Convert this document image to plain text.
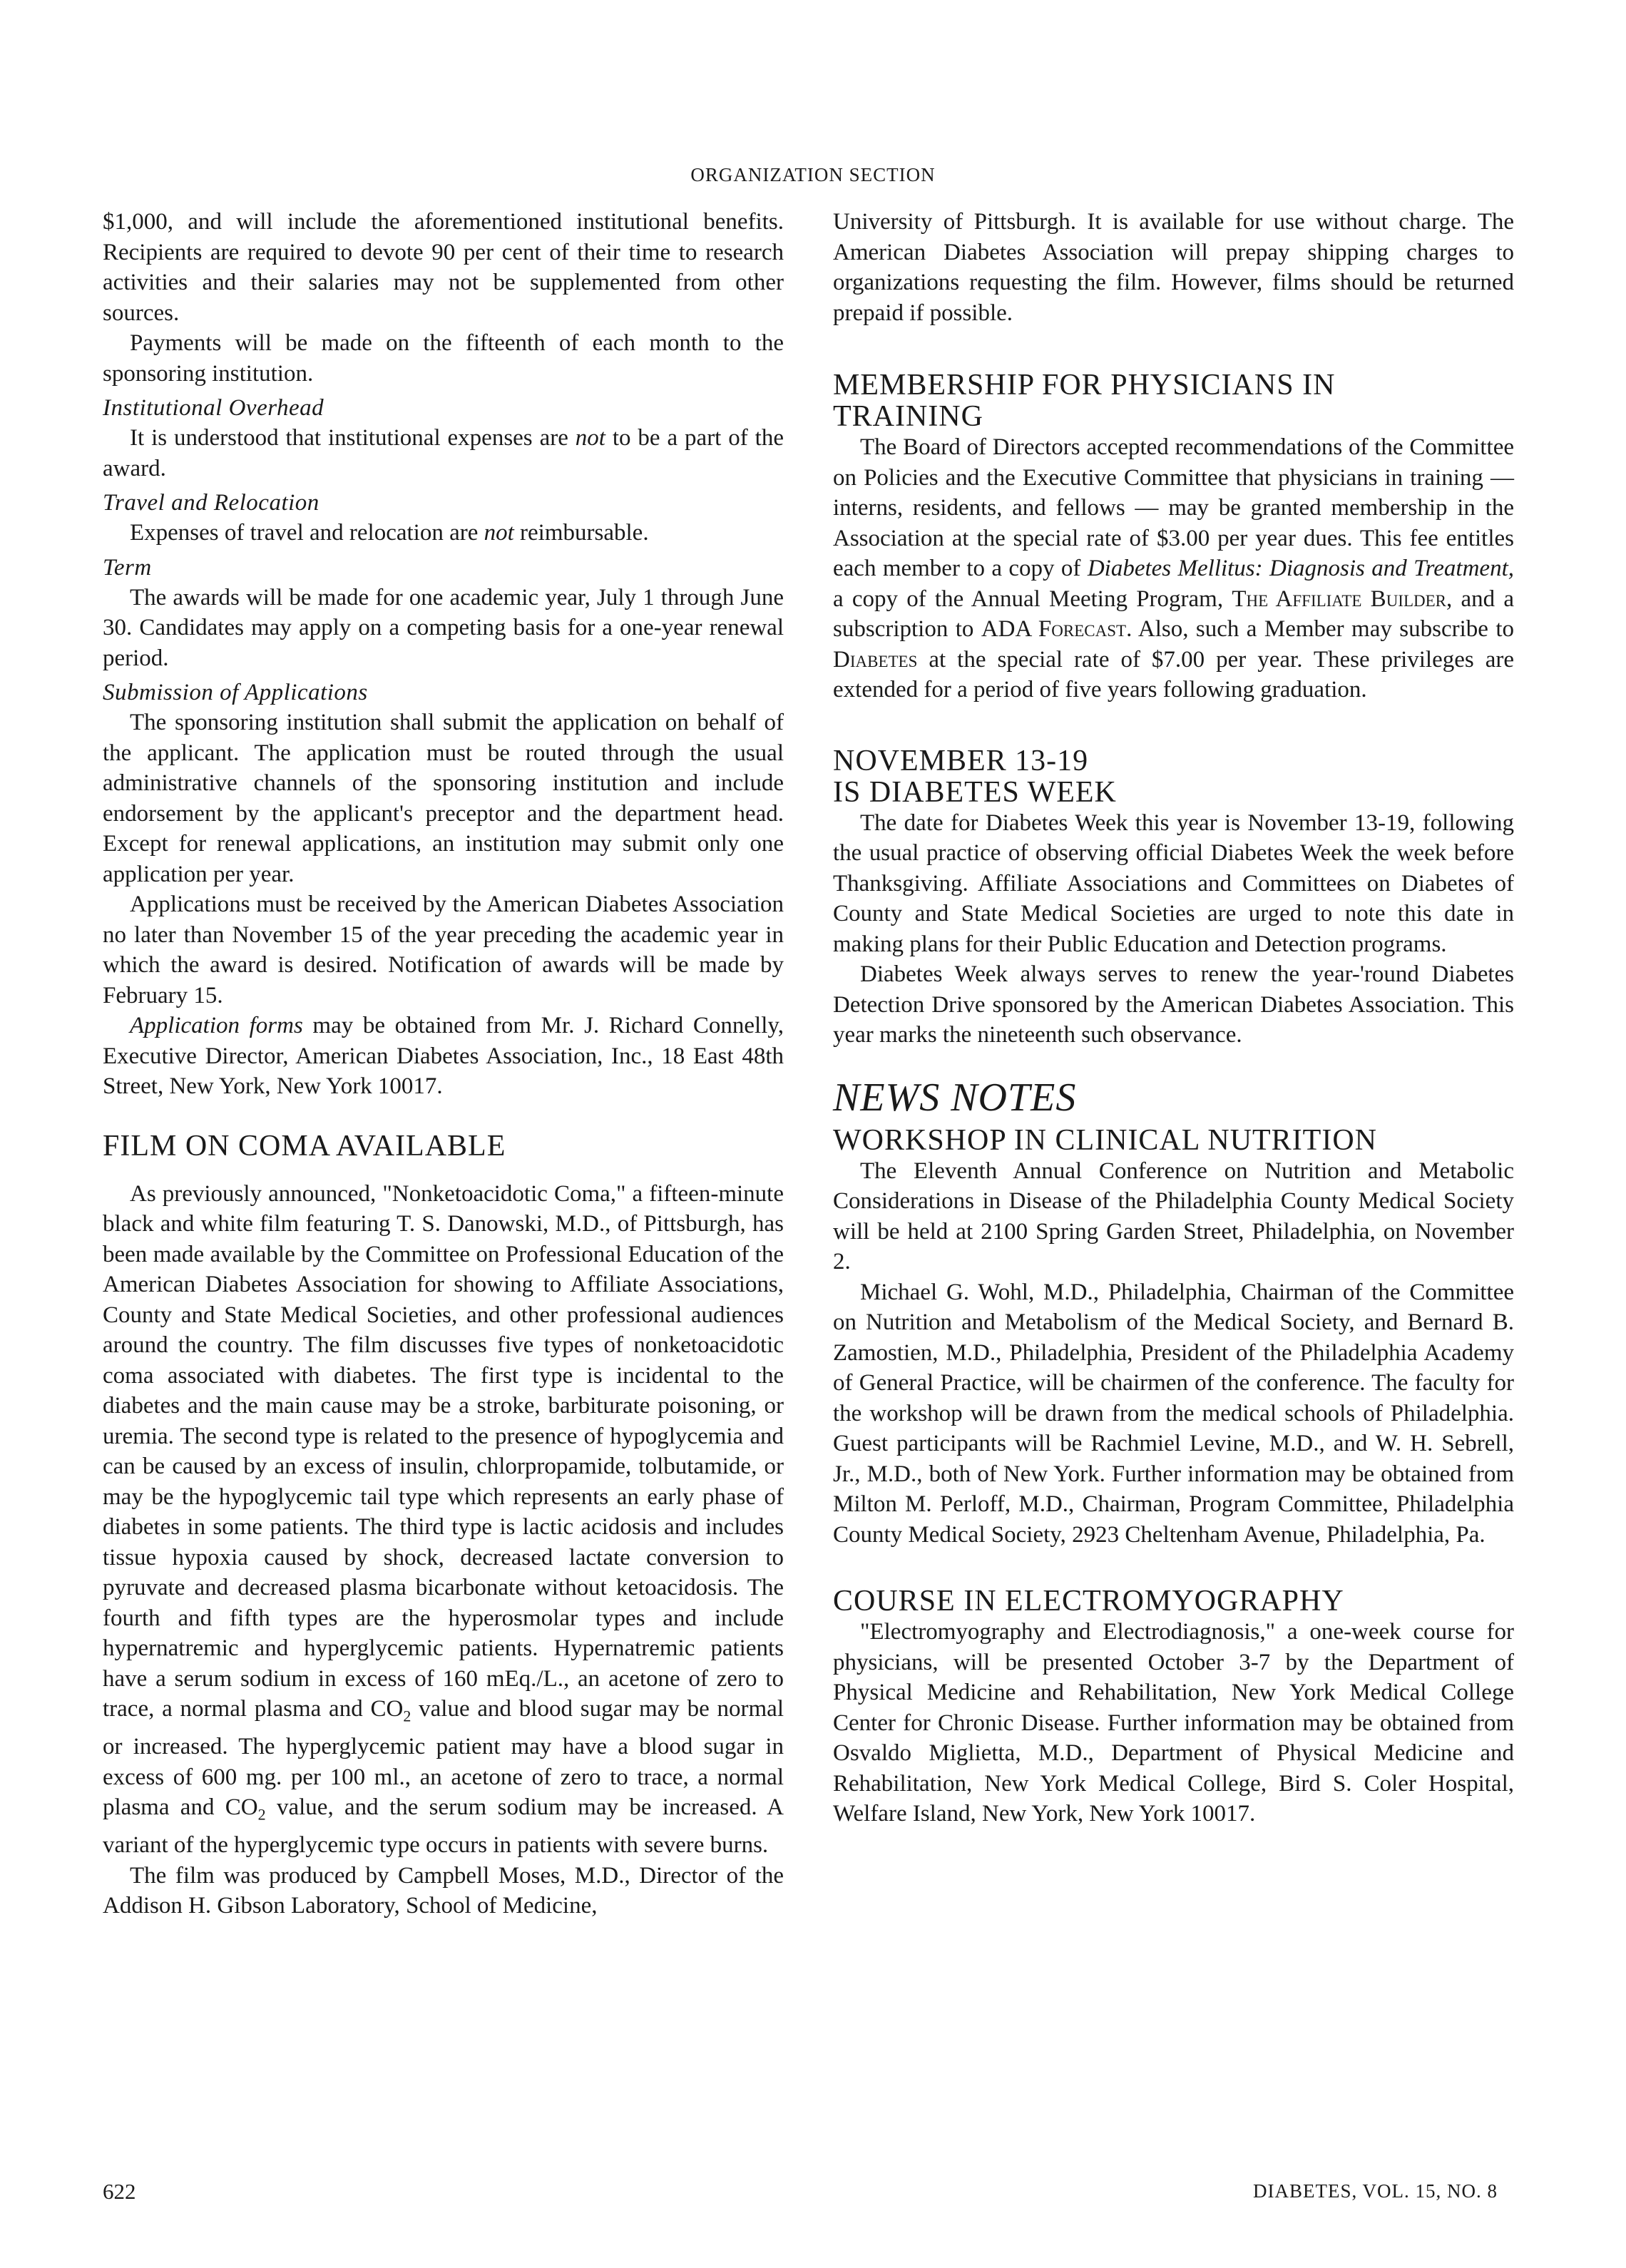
ORGANIZATION SECTION

$1,000, and will include the aforementioned institutional benefits. Recipients are required to devote 90 per cent of their time to research activities and their salaries may not be supplemented from other sources.

Payments will be made on the fifteenth of each month to the sponsoring institution.

Institutional Overhead

It is understood that institutional expenses are not to be a part of the award.

Travel and Relocation

Expenses of travel and relocation are not reimbursable.

Term

The awards will be made for one academic year, July 1 through June 30. Candidates may apply on a competing basis for a one-year renewal period.

Submission of Applications

The sponsoring institution shall submit the application on behalf of the applicant. The application must be routed through the usual administrative channels of the sponsoring institution and include endorsement by the applicant's preceptor and the department head. Except for renewal applications, an institution may submit only one application per year.

Applications must be received by the American Diabetes Association no later than November 15 of the year preceding the academic year in which the award is desired. Notification of awards will be made by February 15.

Application forms may be obtained from Mr. J. Richard Connelly, Executive Director, American Diabetes Association, Inc., 18 East 48th Street, New York, New York 10017.

FILM ON COMA AVAILABLE

As previously announced, "Nonketoacidotic Coma," a fifteen-minute black and white film featuring T. S. Danowski, M.D., of Pittsburgh, has been made available by the Committee on Professional Education of the American Diabetes Association for showing to Affiliate Associations, County and State Medical Societies, and other professional audiences around the country. The film discusses five types of nonketoacidotic coma associated with diabetes. The first type is incidental to the diabetes and the main cause may be a stroke, barbiturate poisoning, or uremia. The second type is related to the presence of hypoglycemia and can be caused by an excess of insulin, chlorpropamide, tolbutamide, or may be the hypoglycemic tail type which represents an early phase of diabetes in some patients. The third type is lactic acidosis and includes tissue hypoxia caused by shock, decreased lactate conversion to pyruvate and decreased plasma bicarbonate without ketoacidosis. The fourth and fifth types are the hyperosmolar types and include hypernatremic and hyperglycemic patients. Hypernatremic patients have a serum sodium in excess of 160 mEq./L., an acetone of zero to trace, a normal plasma and $CO_2$ value and blood sugar may be normal or increased. The hyperglycemic patient may have a blood sugar in excess of 600 mg. per 100 ml., an acetone of zero to trace, a normal plasma and $CO_2$ value, and the serum sodium may be increased. A variant of the hyperglycemic type occurs in patients with severe burns.

The film was produced by Campbell Moses, M.D., Director of the Addison H. Gibson Laboratory, School of Medicine,

University of Pittsburgh. It is available for use without charge. The American Diabetes Association will prepay shipping charges to organizations requesting the film. However, films should be returned prepaid if possible.

MEMBERSHIP FOR PHYSICIANS IN
TRAINING

The Board of Directors accepted recommendations of the Committee on Policies and the Executive Committee that physicians in training — interns, residents, and fellows — may be granted membership in the Association at the special rate of $3.00 per year dues. This fee entitles each member to a copy of Diabetes Mellitus: Diagnosis and Treatment, a copy of the Annual Meeting Program, The Affiliate Builder, and a subscription to ADA Forecast. Also, such a Member may subscribe to Diabetes at the special rate of $7.00 per year. These privileges are extended for a period of five years following graduation.

NOVEMBER 13-19
IS DIABETES WEEK

The date for Diabetes Week this year is November 13-19, following the usual practice of observing official Diabetes Week the week before Thanksgiving. Affiliate Associations and Committees on Diabetes of County and State Medical Societies are urged to note this date in making plans for their Public Education and Detection programs.

Diabetes Week always serves to renew the year-'round Diabetes Detection Drive sponsored by the American Diabetes Association. This year marks the nineteenth such observance.

NEWS NOTES
WORKSHOP IN CLINICAL NUTRITION

The Eleventh Annual Conference on Nutrition and Metabolic Considerations in Disease of the Philadelphia County Medical Society will be held at 2100 Spring Garden Street, Philadelphia, on November 2.

Michael G. Wohl, M.D., Philadelphia, Chairman of the Committee on Nutrition and Metabolism of the Medical Society, and Bernard B. Zamostien, M.D., Philadelphia, President of the Philadelphia Academy of General Practice, will be chairmen of the conference. The faculty for the workshop will be drawn from the medical schools of Philadelphia. Guest participants will be Rachmiel Levine, M.D., and W. H. Sebrell, Jr., M.D., both of New York. Further information may be obtained from Milton M. Perloff, M.D., Chairman, Program Committee, Philadelphia County Medical Society, 2923 Cheltenham Avenue, Philadelphia, Pa.

COURSE IN ELECTROMYOGRAPHY

"Electromyography and Electrodiagnosis," a one-week course for physicians, will be presented October 3-7 by the Department of Physical Medicine and Rehabilitation, New York Medical College Center for Chronic Disease. Further information may be obtained from Osvaldo Miglietta, M.D., Department of Physical Medicine and Rehabilitation, New York Medical College, Bird S. Coler Hospital, Welfare Island, New York, New York 10017.

622	DIABETES, VOL. 15, NO. 8
